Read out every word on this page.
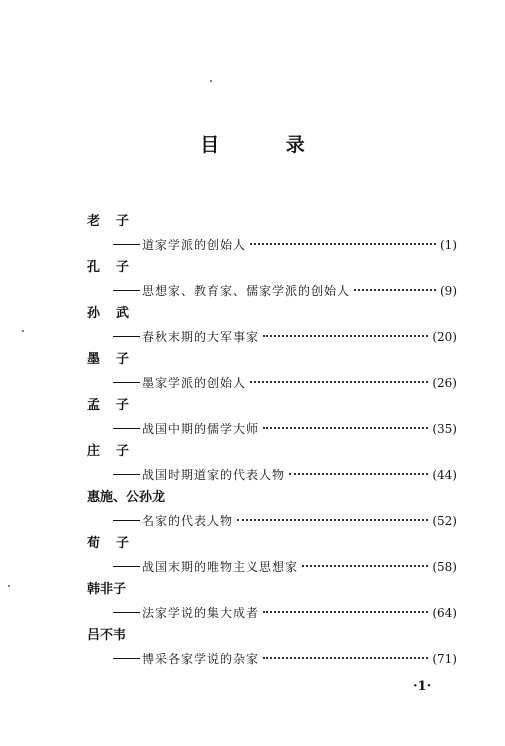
目 录
老子
道家学派的创始人	(1)
孔子
思想家、教育家、儒家学派的创始人	(9)
孙武
春秋末期的大军事家	(20)
墨子
墨家学派的创始人	(26)
孟子
战国中期的儒学大师	(35)
庄子
战国时期道家的代表人物	(44)
惠施、公孙龙
名家的代表人物	(52)
荀子
战国末期的唯物主义思想家	(58)
韩非子
法家学说的集大成者	(64)
吕不韦
博采各家学说的杂家	(71)
·1·
